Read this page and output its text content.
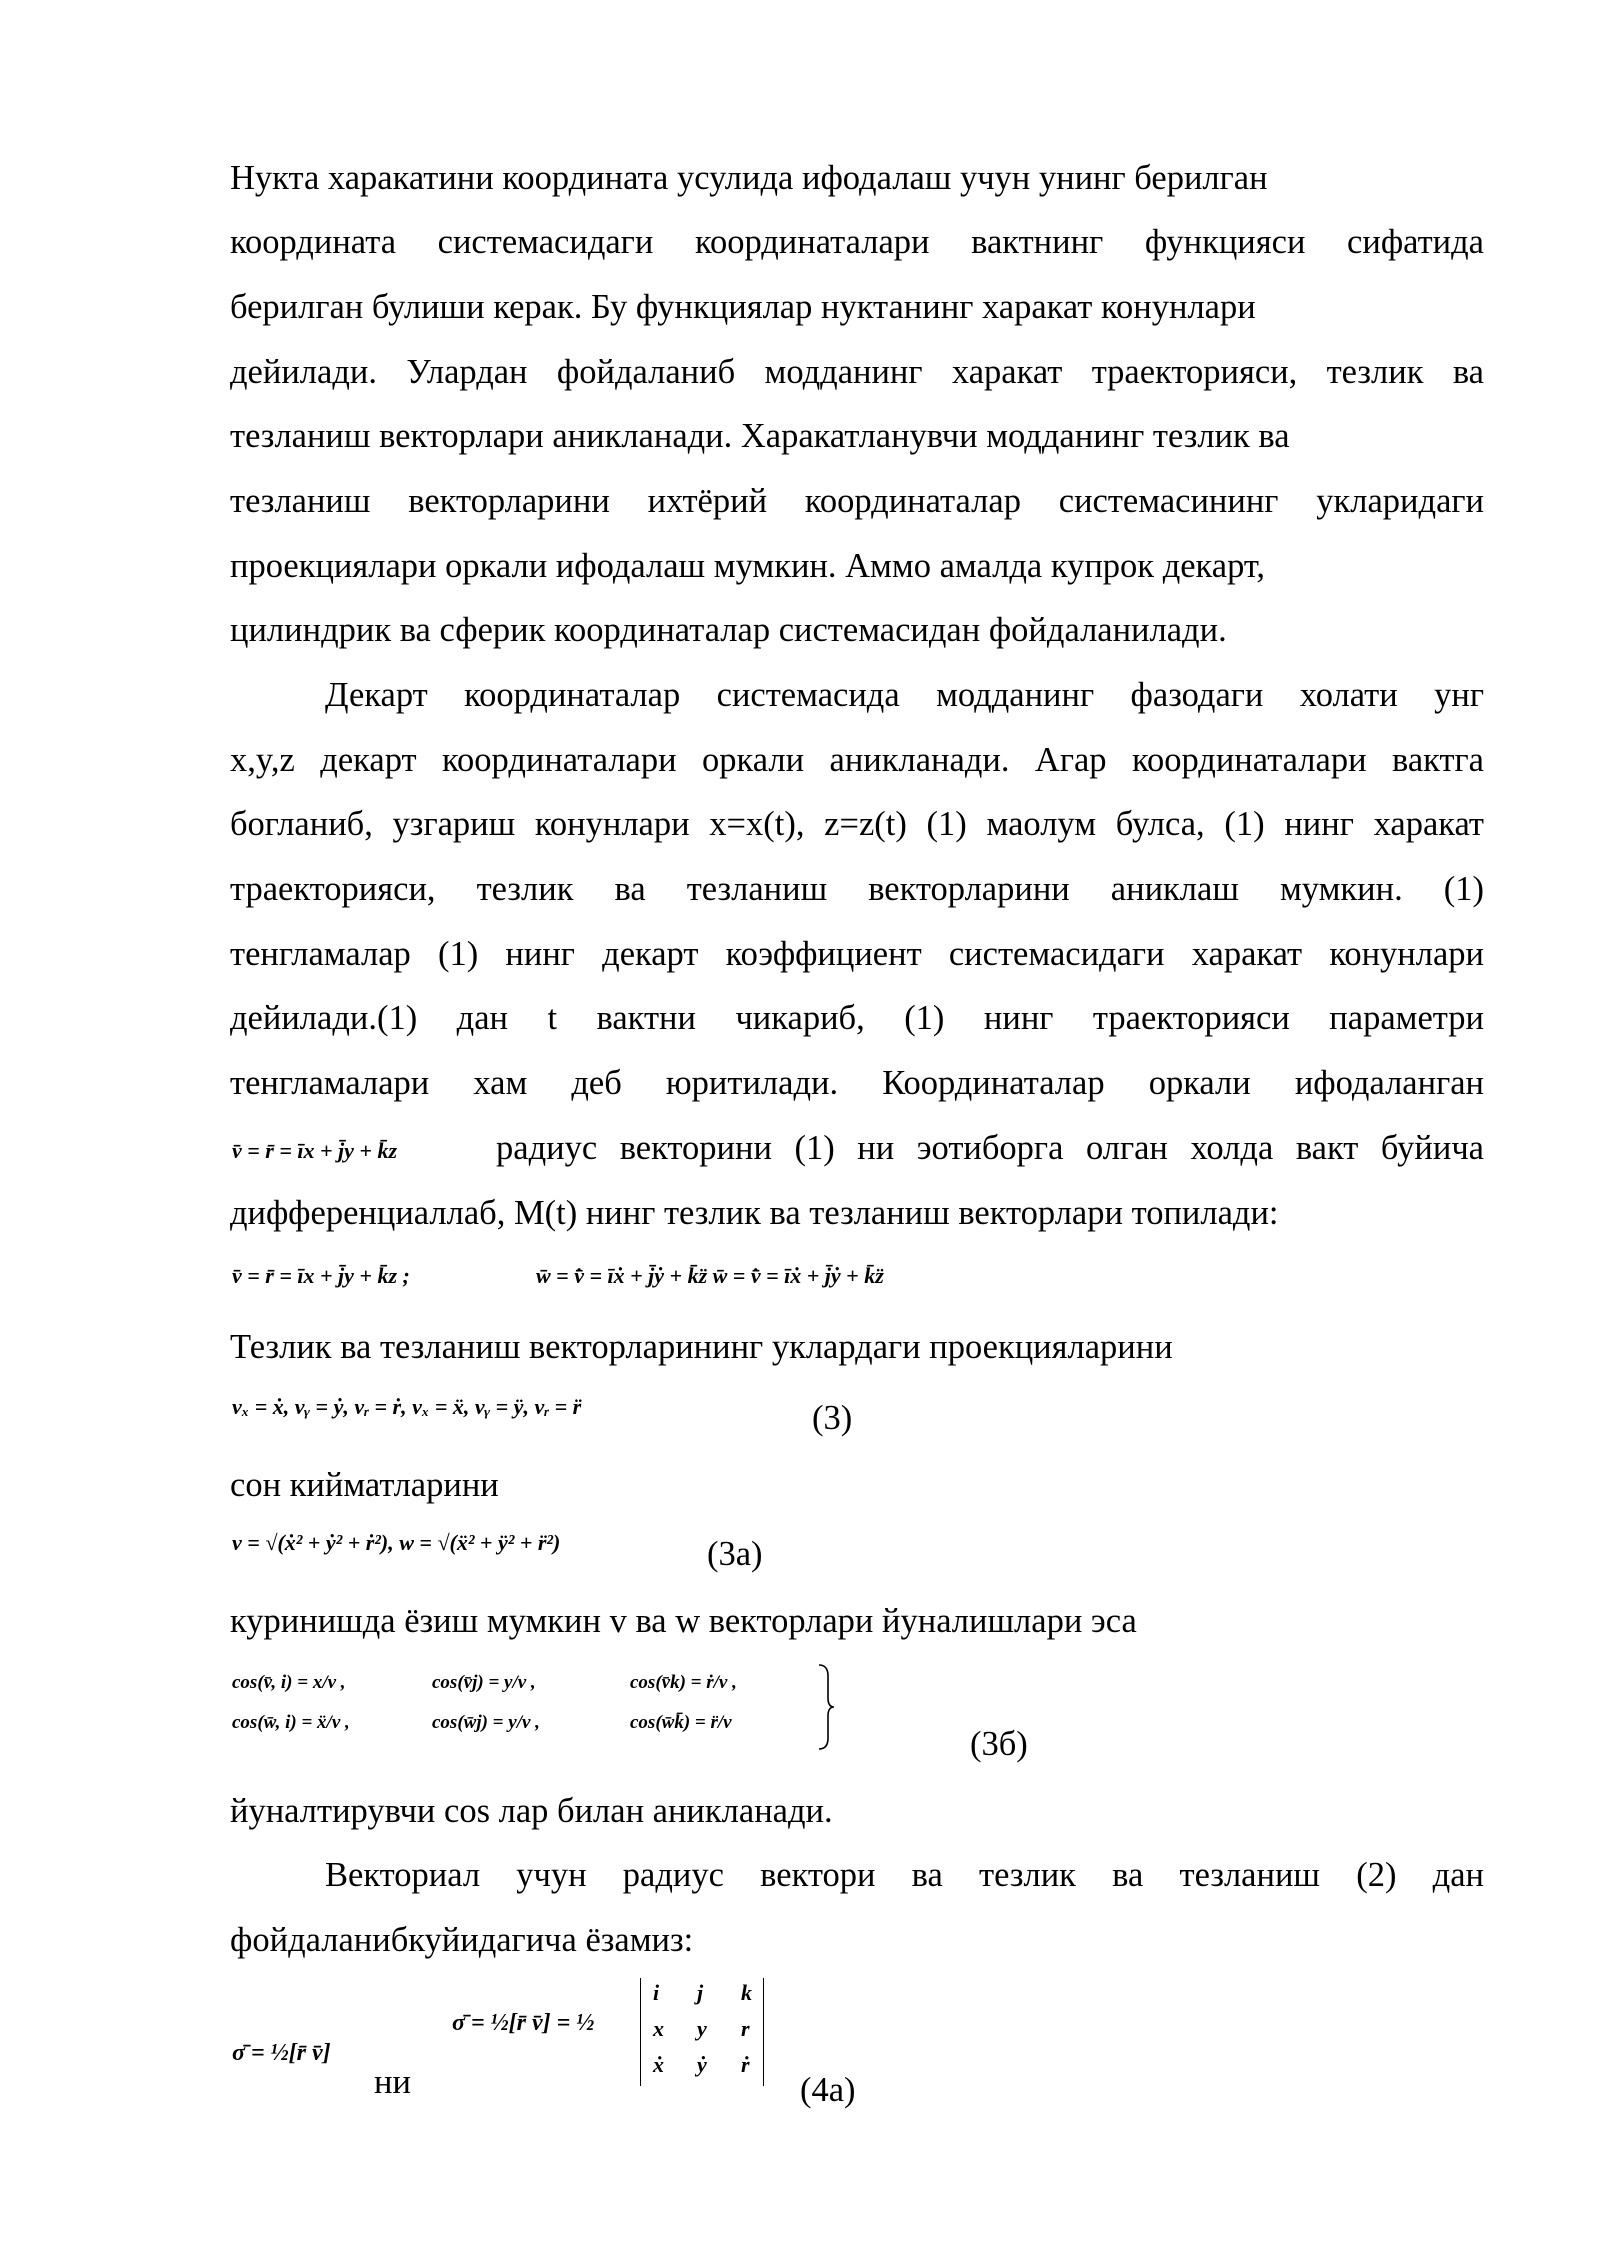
Нукта харакатини координата усулида ифодалаш учун унинг берилган
координата системасидаги координаталари вактнинг функцияси сифатида
берилган булиши керак. Бу функциялар нуктанинг харакат конунлари
дейилади. Улардан фойдаланиб модданинг харакат траекторияси, тезлик ва
тезланиш векторлари аникланади. Харакатланувчи модданинг тезлик ва
тезланиш векторларини ихтёрий координаталар системасининг укларидаги
проекциялари оркали ифодалаш мумкин. Аммо амалда купрок декарт,
цилиндрик ва сферик координаталар системасидан фойдаланилади.
Декарт координаталар системасида модданинг фазодаги холати унг
x,y,z декарт координаталари оркали аникланади. Агар координаталари вактга
богланиб, узгариш конунлари x=x(t), z=z(t) (1) маолум булса, (1) нинг харакат
траекторияси, тезлик ва тезланиш векторларини аниклаш мумкин. (1)
тенгламалар (1) нинг декарт коэффициент системасидаги харакат конунлари
дейилади.(1) дан t вактни чикариб, (1) нинг траекторияси параметри
тенгламалари хам деб юритилади. Координаталар оркали ифодаланган
v̄ = r̄ = īx + j̄y + k̄z	радиус векторини (1) ни эотиборга олган холда вакт буйича
дифференциаллаб, M(t) нинг тезлик ва тезланиш векторлари топилади:
v̄ = r̄ = īx + j̄y + k̄z ;	w̄ = v̇̄ = īẋ + j̄ẏ + k̄z̈ w̄ = v̇̄ = īẋ + j̄ẏ + k̄z̈
Тезлик ва тезланиш векторларининг уклардаги проекцияларини
vₓ = ẋ, vᵧ = ẏ, vᵣ = ṙ, vₓ = ẍ, vᵧ = ÿ, vᵣ = r̈	(3)
сон кийматларини
v = √(ẋ² + ẏ² + ṙ²), w = √(ẍ² + ÿ² + r̈²)	(3а)
куринишда ёзиш мумкин v ва w векторлари йуналишлари эса
cos(v̄, i) = x/v ,	cos(v̄j) = y/v ,	cos(v̄k) = ṙ/v ,
cos(w̄, i) = ẍ/v ,	cos(w̄j) = y/v ,	cos(w̄k̄) = r̈/v
(3б)
йуналтирувчи cos лар билан аникланади.
Векториал учун радиус вектори ва тезлик ва тезланиш (2) дан
фойдаланибкуйидагича ёзамиз:
σ̄ = ½[r̄ v̄]
ни
σ̄ = ½[r̄ v̄] = ½
i j k
x y r
ẋ ẏ ṙ
(4а)
